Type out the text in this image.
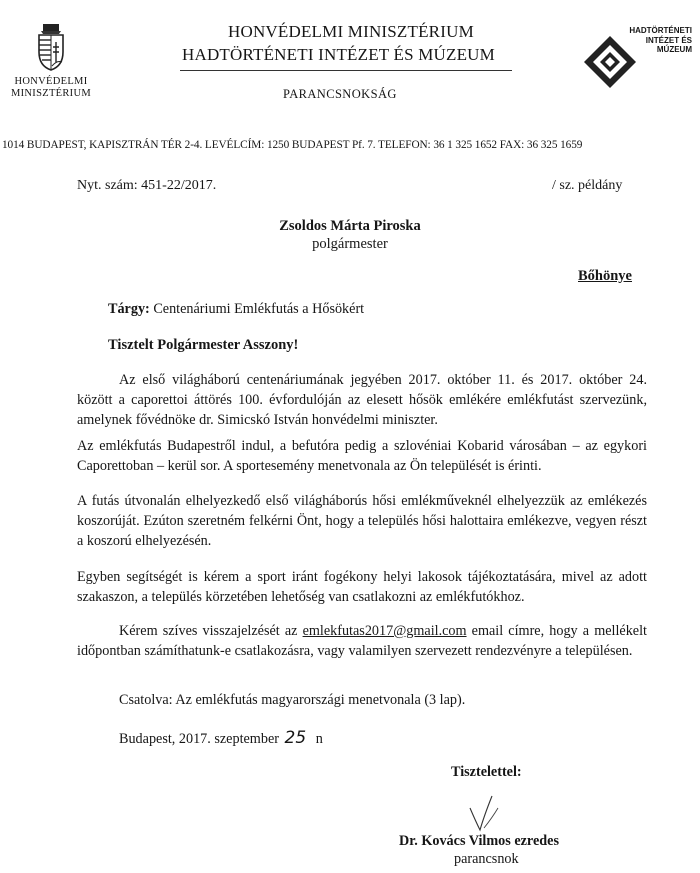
HONVÉDELMI
MINISZTÉRIUM
HONVÉDELMI MINISZTÉRIUM
HADTÖRTÉNETI INTÉZET ÉS MÚZEUM
PARANCSNOKSÁG
HADTÖRTÉNETI
INTÉZET ÉS
MÚZEUM
1014 BUDAPEST, KAPISZTRÁN TÉR 2-4. LEVÉLCÍM: 1250 BUDAPEST Pf. 7. TELEFON: 36 1 325 1652 FAX: 36 325 1659
Nyt. szám: 451-22/2017.	/ sz. példány
Zsoldos Márta Piroska
polgármester
Bőhönye
Tárgy: Centenáriumi Emlékfutás a Hősökért
Tisztelt Polgármester Asszony!
Az első világháború centenáriumának jegyében 2017. október 11. és 2017. október 24. között a caporettoi áttörés 100. évfordulóján az elesett hősök emlékére emlékfutást szervezünk, amelynek fővédnöke dr. Simicskó István honvédelmi miniszter.
Az emlékfutás Budapestről indul, a befutóra pedig a szlovéniai Kobarid városában – az egykori Caporettoban – kerül sor. A sportesemény menetvonala az Ön települését is érinti.
A futás útvonalán elhelyezkedő első világháborús hősi emlékműveknél elhelyezzük az emlékezés koszorúját. Ezúton szeretném felkérni Önt, hogy a település hősi halottaira emlékezve, vegyen részt a koszorú elhelyezésén.
Egyben segítségét is kérem a sport iránt fogékony helyi lakosok tájékoztatására, mivel az adott szakaszon, a település körzetében lehetőség van csatlakozni az emlékfutókhoz.
Kérem szíves visszajelzését az emlekfutas2017@gmail.com email címre, hogy a mellékelt időpontban számíthatunk-e csatlakozásra, vagy valamilyen szervezett rendezvényre a településen.
Csatolva: Az emlékfutás magyarországi menetvonala (3 lap).
Budapest, 2017. szeptember 25 n
Tisztelettel:
Dr. Kovács Vilmos ezredes
parancsnok
